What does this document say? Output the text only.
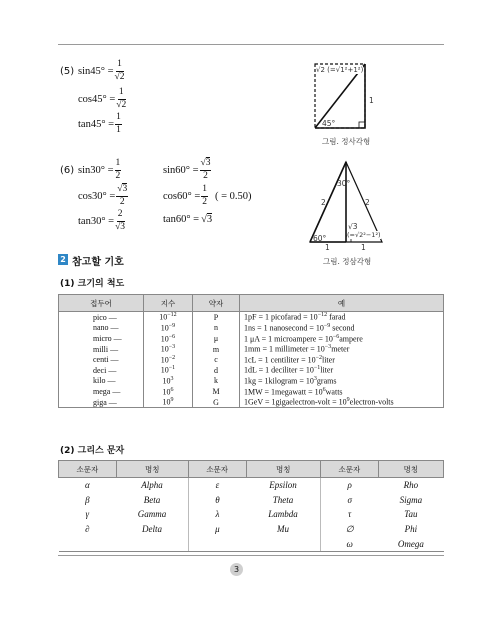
(5) $\sin 45^\circ = \frac{1}{√2}$
$\cos 45^\circ = \frac{1}{√2}$
$\tan 45^\circ = \frac{1}{1}$
√2 (=√1²+1²)
1
45°
그림. 정사각형
(6) $\sin 30^\circ = \frac{1}{2}$
$\cos 30^\circ = \frac{√3}{2}$
$\tan 30^\circ = \frac{2}{√3}$
$\sin 60^\circ = \frac{√3}{2}$
$\cos 60^\circ = \frac{1}{2}$ ( = 0.50)
tan60° = √3
30°
2	2
√3
(=√2²−1²)
60°
1	1
그림. 정삼각형
2 참고할 기호
(1) 크기의 척도
접두어	지수	약자	예
pico —	$10^{-12}$	P	1pF = 1 picofarad = $10^{-12}$ farad
nano —	$10^{-9}$	n	1ns = 1 nanosecond = $10^{-9}$ second
micro —	$10^{-6}$	μ	1 μA = 1 microampere = $10^{-6}ampere$
milli —	$10^{-3}$	m	1mm = 1 millimeter = $10^{-3}meter$
centi —	$10^{-2}$	c	1cL = 1 centiliter = $10^{-2}liter$
deci —	$10^{-1}$	d	1dL = 1 deciliter = $10^{-1}liter$
kilo —	$10^3$	k	1kg = 1kilogram = $10^3grams$
mega —	$10^6$	M	1MW = 1megawatt = $10^6watts$
giga —	$10^9$	G	1GeV = 1gigaelectron-volt = $10^9electron$-volts
(2) 그리스 문자
소문자	명칭	소문자	명칭	소문자	명칭
α	Alpha	ε	Epsilon	ρ	Rho
β	Beta	θ	Theta	σ	Sigma
γ	Gamma	λ	Lambda	τ	Tau
∂	Delta	μ	Mu	∅	Phi
				ω	Omega
3
